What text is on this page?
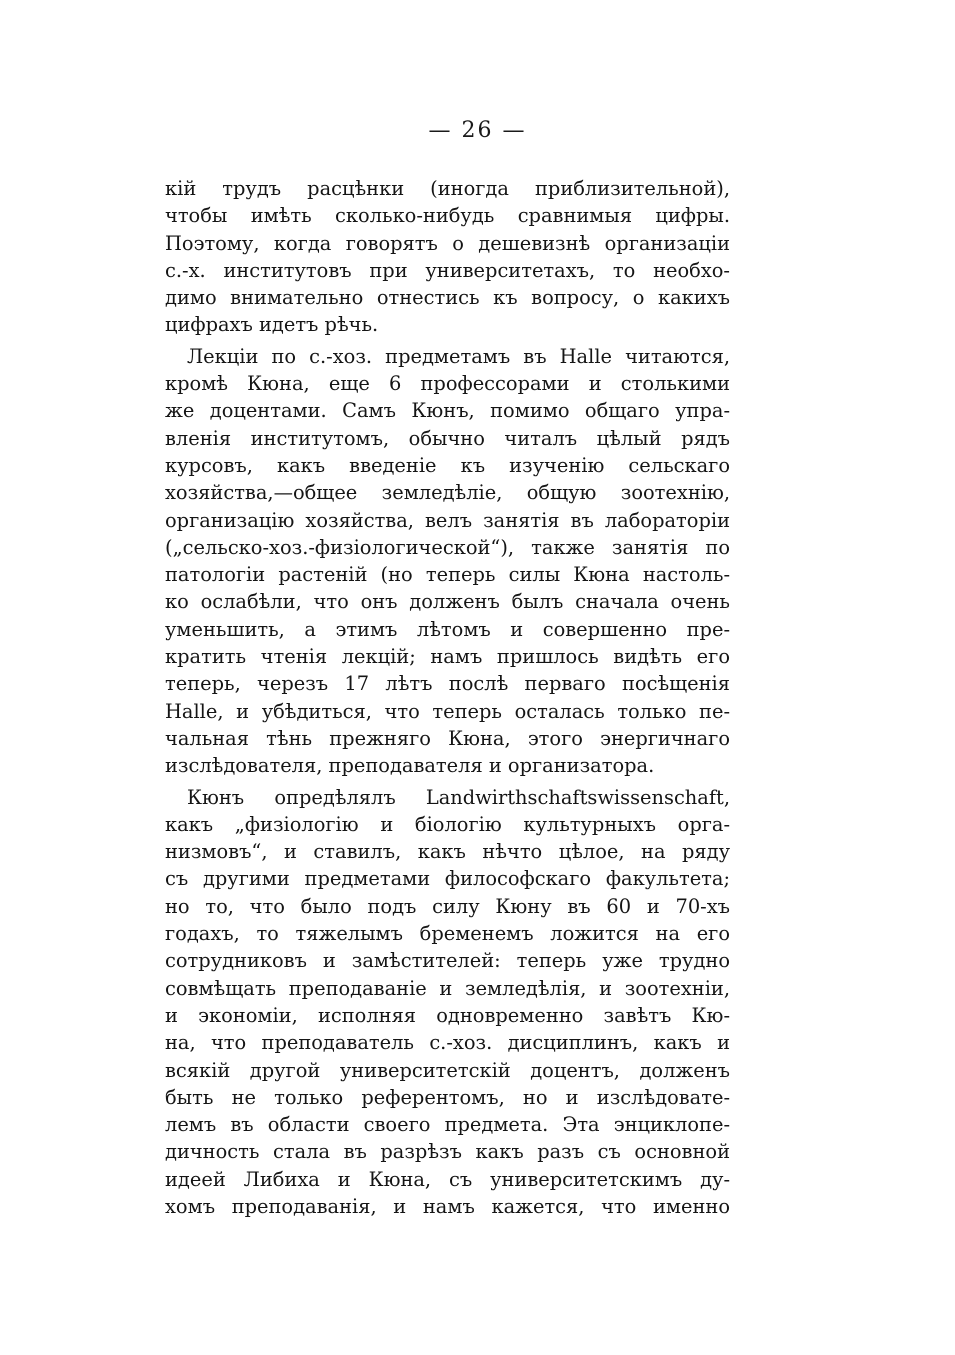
— 26 —
кій трудъ расцѣнки (иногда приблизительной),
чтобы имѣть сколько-нибудь сравнимыя цифры.
Поэтому, когда говорятъ о дешевизнѣ организаціи
с.-х. институтовъ при университетахъ, то необхо-
димо внимательно отнестись къ вопросу, о какихъ
цифрахъ идетъ рѣчь.
Лекціи по с.-хоз. предметамъ въ Halle читаются,
кромѣ Кюна, еще 6 профессорами и столькими
же доцентами. Самъ Кюнъ, помимо общаго упра-
вленія институтомъ, обычно читалъ цѣлый рядъ
курсовъ, какъ введеніе къ изученію сельскаго
хозяйства,—общее земледѣліе, общую зоотехнію,
организацію хозяйства, велъ занятія въ лабораторіи
(„сельско-хоз.-физіологической“), также занятія по
патологіи растеній (но теперь силы Кюна настоль-
ко ослабѣли, что онъ долженъ былъ сначала очень
уменьшить, а этимъ лѣтомъ и совершенно пре-
кратить чтенія лекцій; намъ пришлось видѣть его
теперь, черезъ 17 лѣтъ послѣ перваго посѣщенія
Halle, и убѣдиться, что теперь осталась только пе-
чальная тѣнь прежняго Кюна, этого энергичнаго
изслѣдователя, преподавателя и организатора.
Кюнъ опредѣлялъ Landwirthschaftswissenschaft,
какъ „физіологію и біологію культурныхъ орга-
низмовъ“, и ставилъ, какъ нѣчто цѣлое, на ряду
съ другими предметами философскаго факультета;
но то, что было подъ силу Кюну въ 60 и 70-хъ
годахъ, то тяжелымъ бременемъ ложится на его
сотрудниковъ и замѣстителей: теперь уже трудно
совмѣщать преподаваніе и земледѣлія, и зоотехніи,
и экономіи, исполняя одновременно завѣтъ Кю-
на, что преподаватель с.-хоз. дисциплинъ, какъ и
всякій другой университетскій доцентъ, долженъ
быть не только референтомъ, но и изслѣдовате-
лемъ въ области своего предмета. Эта энциклопе-
дичность стала въ разрѣзъ какъ разъ съ основной
идеей Либиха и Кюна, съ университетскимъ ду-
хомъ преподаванія, и намъ кажется, что именно
